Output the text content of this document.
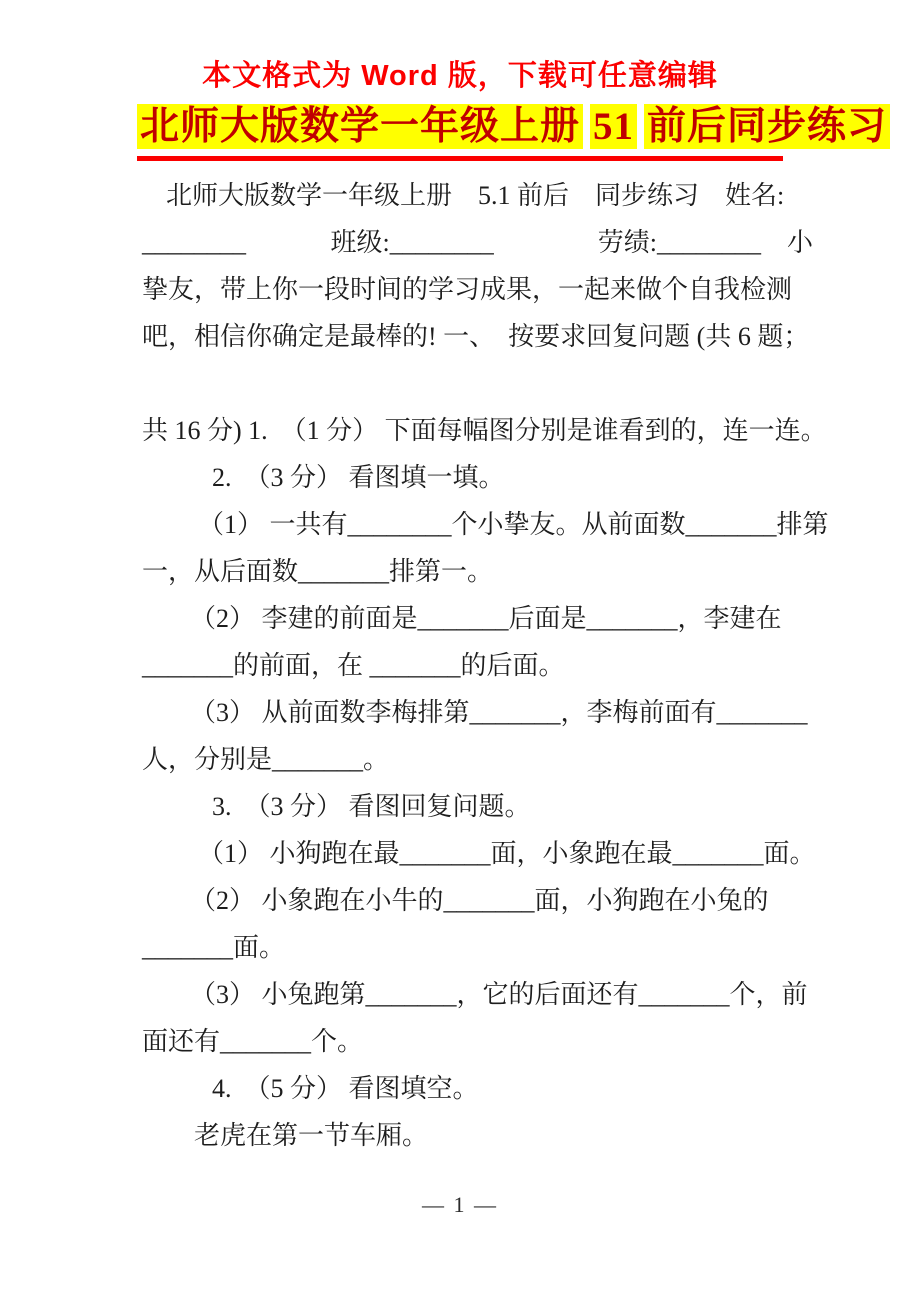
本文格式为 Word 版，下载可任意编辑
北师大版数学一年级上册 51 前后同步练习
北师大版数学一年级上册　5.1 前后　同步练习　姓名:
________　　　 班级:________　　　　劳绩:________　小
挚友，带上你一段时间的学习成果，一起来做个自我检测
吧，相信你确定是最棒的! 一、  按要求回复问题 (共 6 题；
共 16 分) 1.  （1 分） 下面每幅图分别是谁看到的，连一连。
2.  （3 分） 看图填一填。
（1） 一共有________个小挚友。从前面数_______排第
一，从后面数_______排第一。
（2） 李建的前面是_______后面是_______，李建在
_______的前面，在 _______的后面。
（3） 从前面数李梅排第_______，李梅前面有_______
人，分别是_______。
3.  （3 分） 看图回复问题。
（1） 小狗跑在最_______面，小象跑在最_______面。
（2） 小象跑在小牛的_______面，小狗跑在小兔的
_______面。
（3） 小兔跑第_______，它的后面还有_______个，前
面还有_______个。
4.  （5 分） 看图填空。
老虎在第一节车厢。
— 1 —
